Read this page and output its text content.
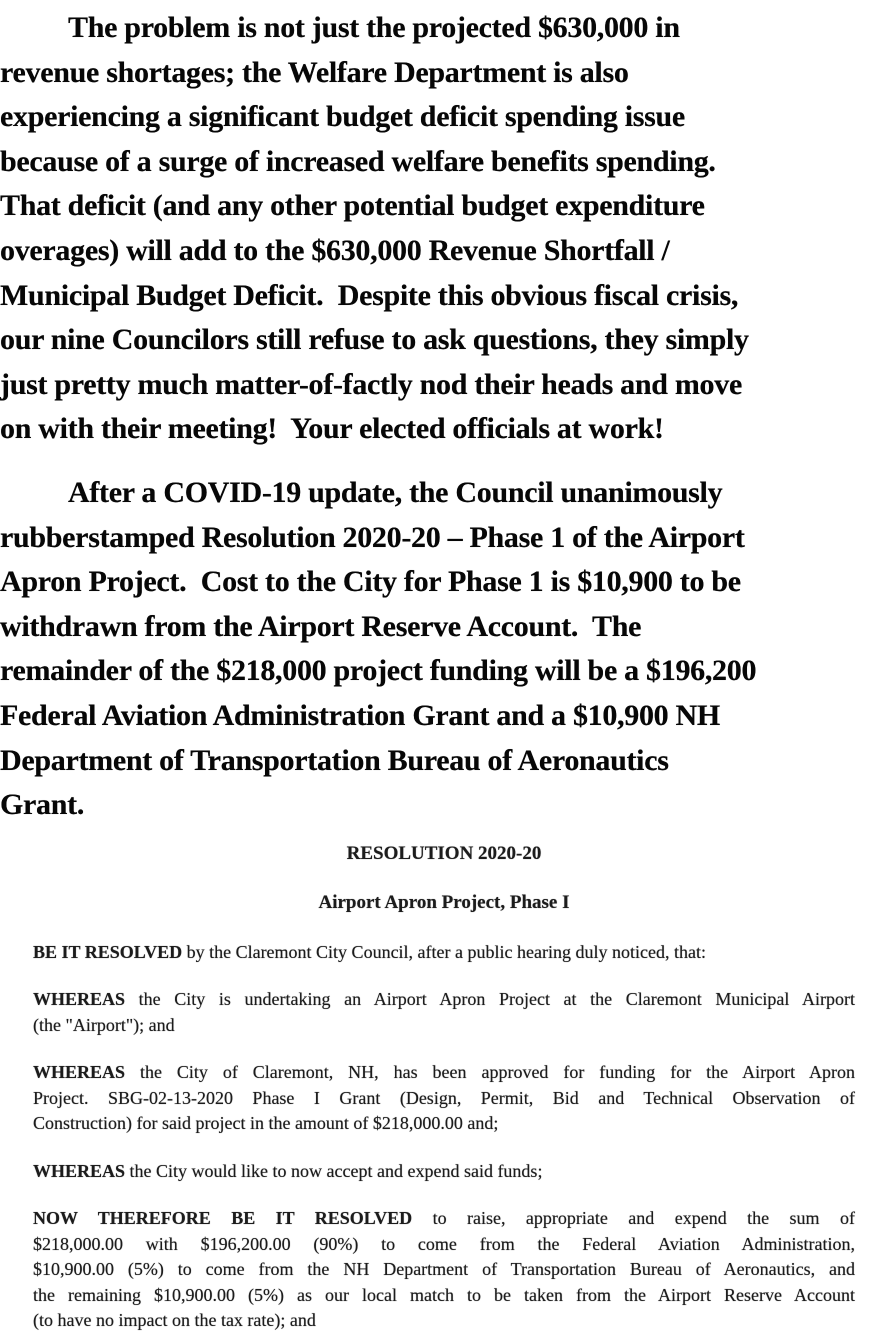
The problem is not just the projected $630,000 in
revenue shortages; the Welfare Department is also
experiencing a significant budget deficit spending issue
because of a surge of increased welfare benefits spending.
That deficit (and any other potential budget expenditure
overages) will add to the $630,000 Revenue Shortfall /
Municipal Budget Deficit.  Despite this obvious fiscal crisis,
our nine Councilors still refuse to ask questions, they simply
just pretty much matter-of-factly nod their heads and move
on with their meeting!  Your elected officials at work!
After a COVID-19 update, the Council unanimously
rubberstamped Resolution 2020-20 – Phase 1 of the Airport
Apron Project.  Cost to the City for Phase 1 is $10,900 to be
withdrawn from the Airport Reserve Account.  The
remainder of the $218,000 project funding will be a $196,200
Federal Aviation Administration Grant and a $10,900 NH
Department of Transportation Bureau of Aeronautics
Grant.
RESOLUTION 2020-20
Airport Apron Project, Phase I
BE IT RESOLVED by the Claremont City Council, after a public hearing duly noticed, that:
WHEREAS the City is undertaking an Airport Apron Project at the Claremont Municipal Airport
(the "Airport"); and
WHEREAS the City of Claremont, NH, has been approved for funding for the Airport Apron
Project. SBG-02-13-2020 Phase I Grant (Design, Permit, Bid and Technical Observation of
Construction) for said project in the amount of $218,000.00 and;
WHEREAS the City would like to now accept and expend said funds;
NOW THEREFORE BE IT RESOLVED to raise, appropriate and expend the sum of
$218,000.00 with $196,200.00 (90%) to come from the Federal Aviation Administration,
$10,900.00 (5%) to come from the NH Department of Transportation Bureau of Aeronautics, and
the remaining $10,900.00 (5%) as our local match to be taken from the Airport Reserve Account
(to have no impact on the tax rate); and
